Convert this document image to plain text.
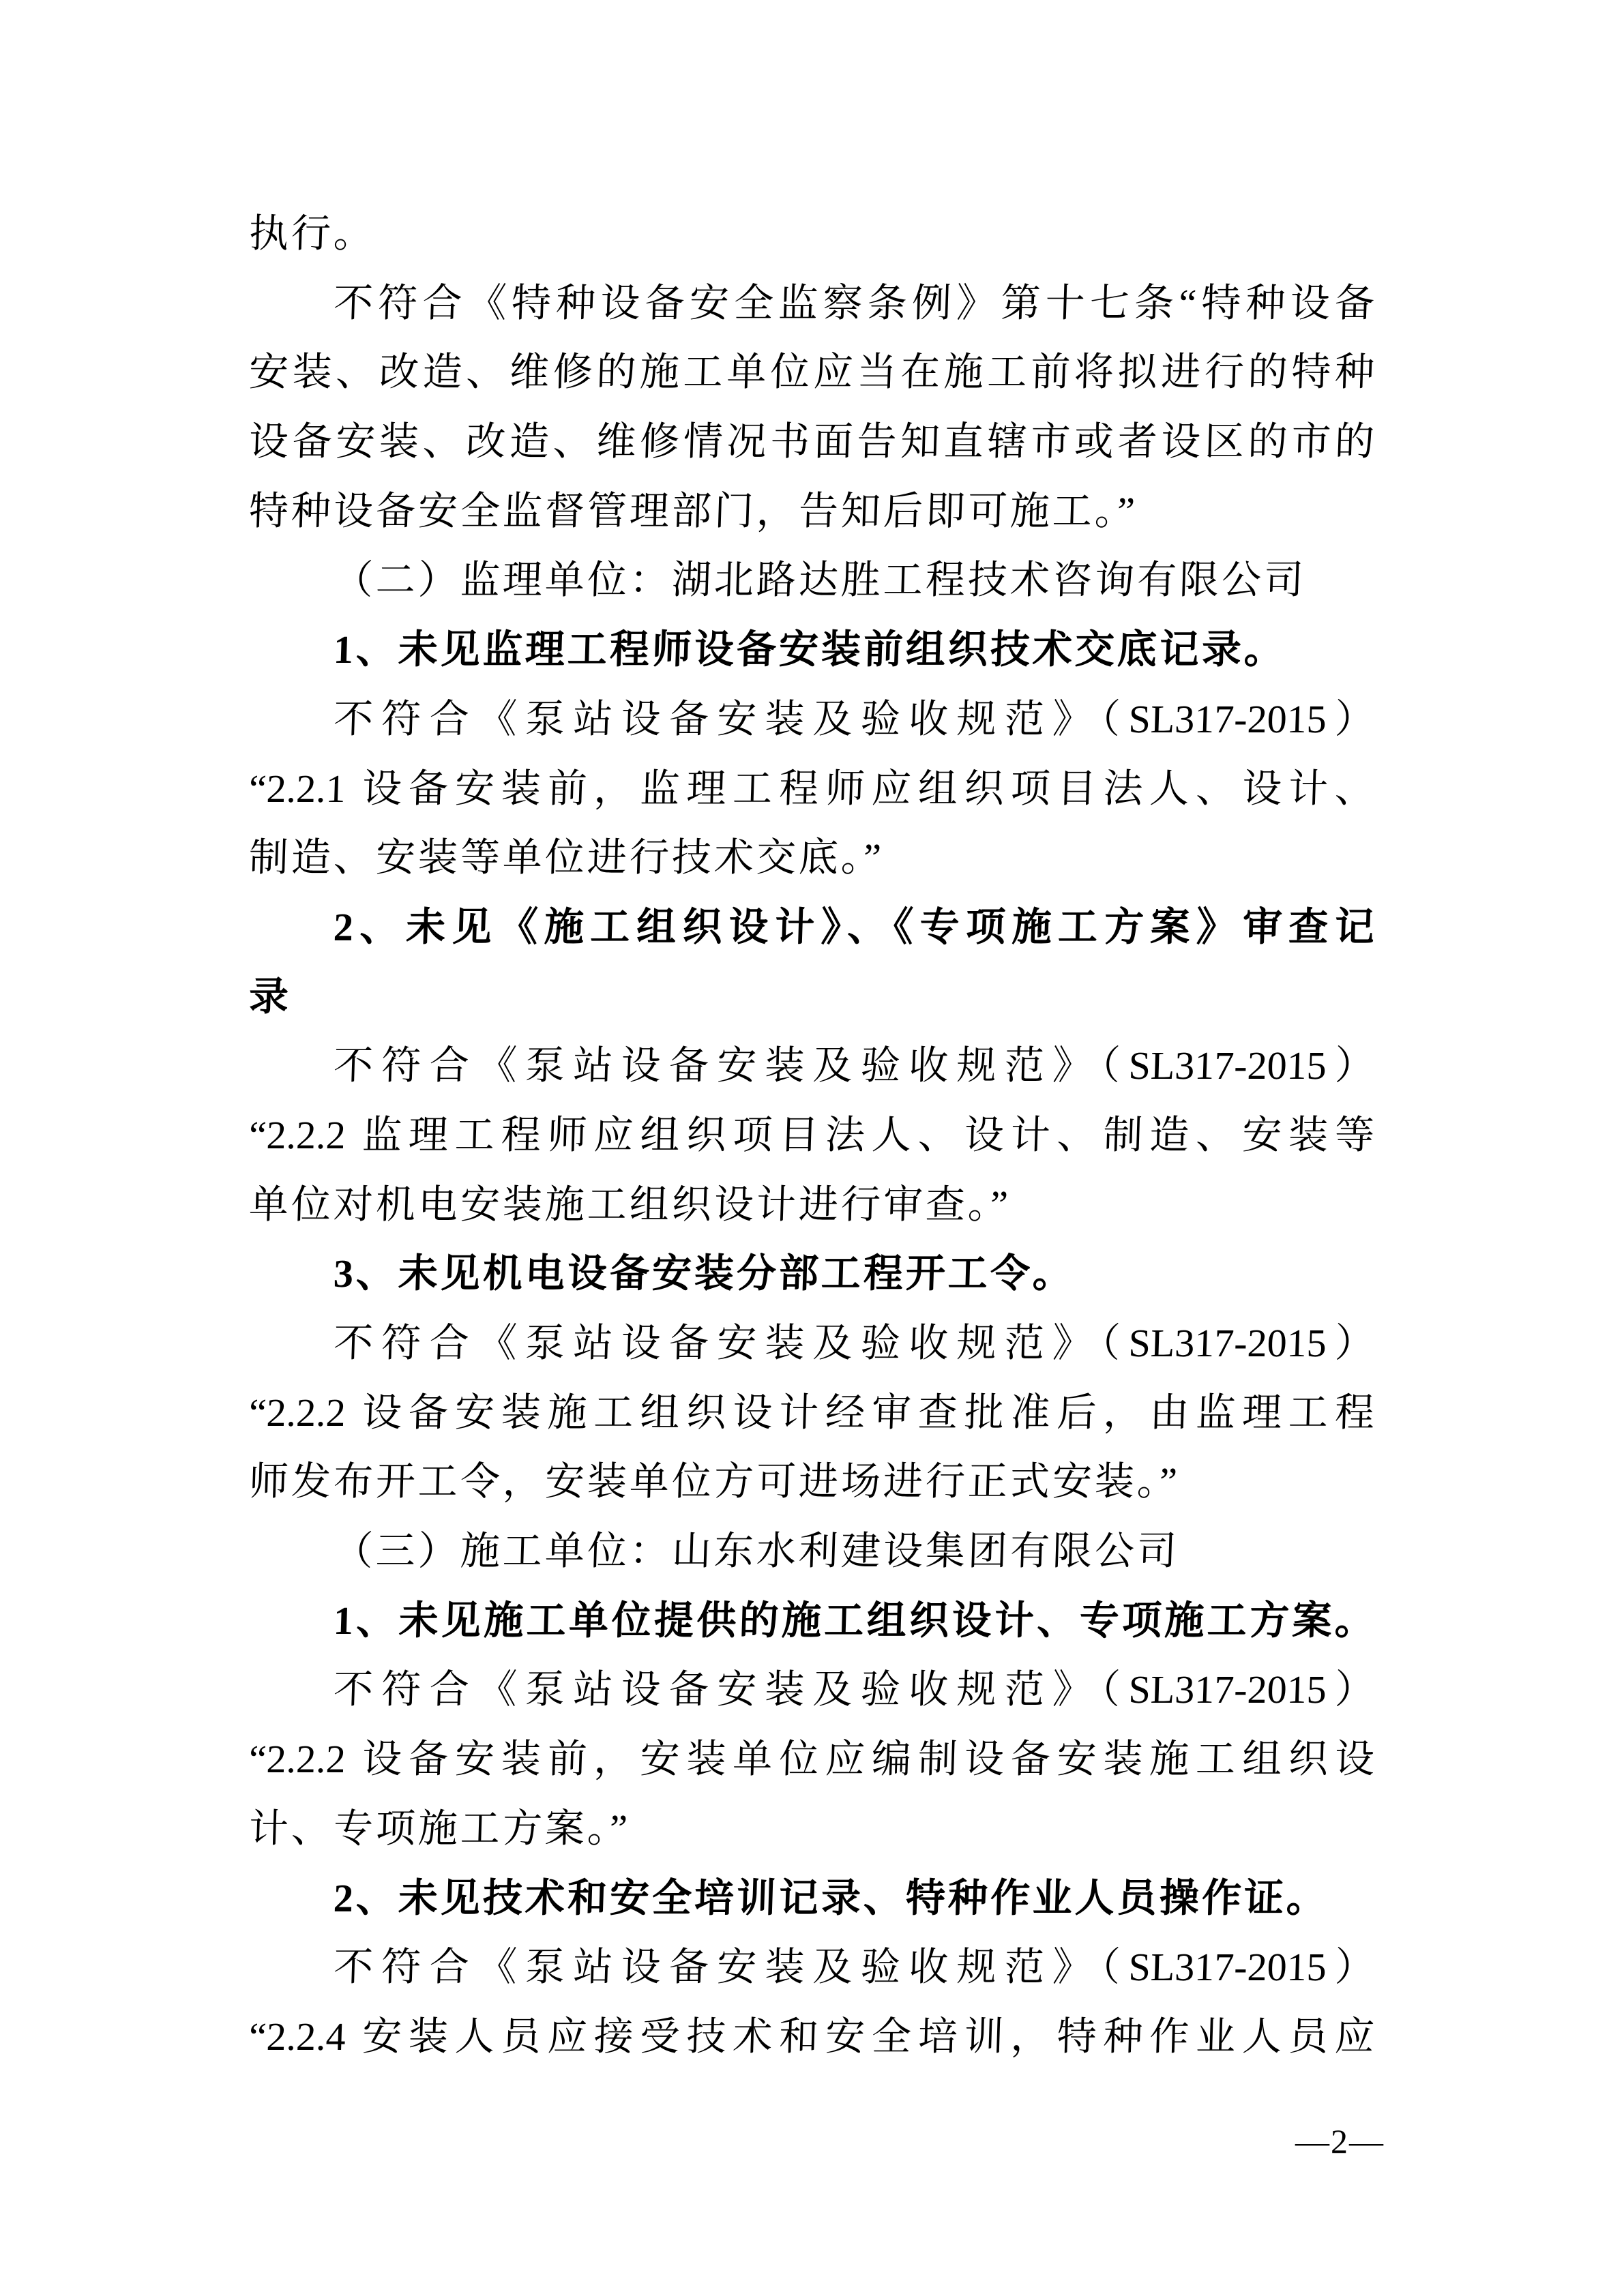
执行。
不符合《特种设备安全监察条例》第十七条“特种设备
安装、改造、维修的施工单位应当在施工前将拟进行的特种
设备安装、改造、维修情况书面告知直辖市或者设区的市的
特种设备安全监督管理部门，告知后即可施工。”
（二）监理单位：湖北路达胜工程技术咨询有限公司
1、未见监理工程师设备安装前组织技术交底记录。
不符合《泵站设备安装及验收规范》（SL317-2015）
“2.2.1 设备安装前，监理工程师应组织项目法人、设计、
制造、安装等单位进行技术交底。”
2、未见《施工组织设计》、《专项施工方案》审查记
录
不符合《泵站设备安装及验收规范》（SL317-2015）
“2.2.2 监理工程师应组织项目法人、设计、制造、安装等
单位对机电安装施工组织设计进行审查。”
3、未见机电设备安装分部工程开工令。
不符合《泵站设备安装及验收规范》（SL317-2015）
“2.2.2 设备安装施工组织设计经审查批准后，由监理工程
师发布开工令，安装单位方可进场进行正式安装。”
（三）施工单位：山东水利建设集团有限公司
1、未见施工单位提供的施工组织设计、专项施工方案。
不符合《泵站设备安装及验收规范》（SL317-2015）
“2.2.2 设备安装前，安装单位应编制设备安装施工组织设
计、专项施工方案。”
2、未见技术和安全培训记录、特种作业人员操作证。
不符合《泵站设备安装及验收规范》（SL317-2015）
“2.2.4 安装人员应接受技术和安全培训，特种作业人员应
—2—
